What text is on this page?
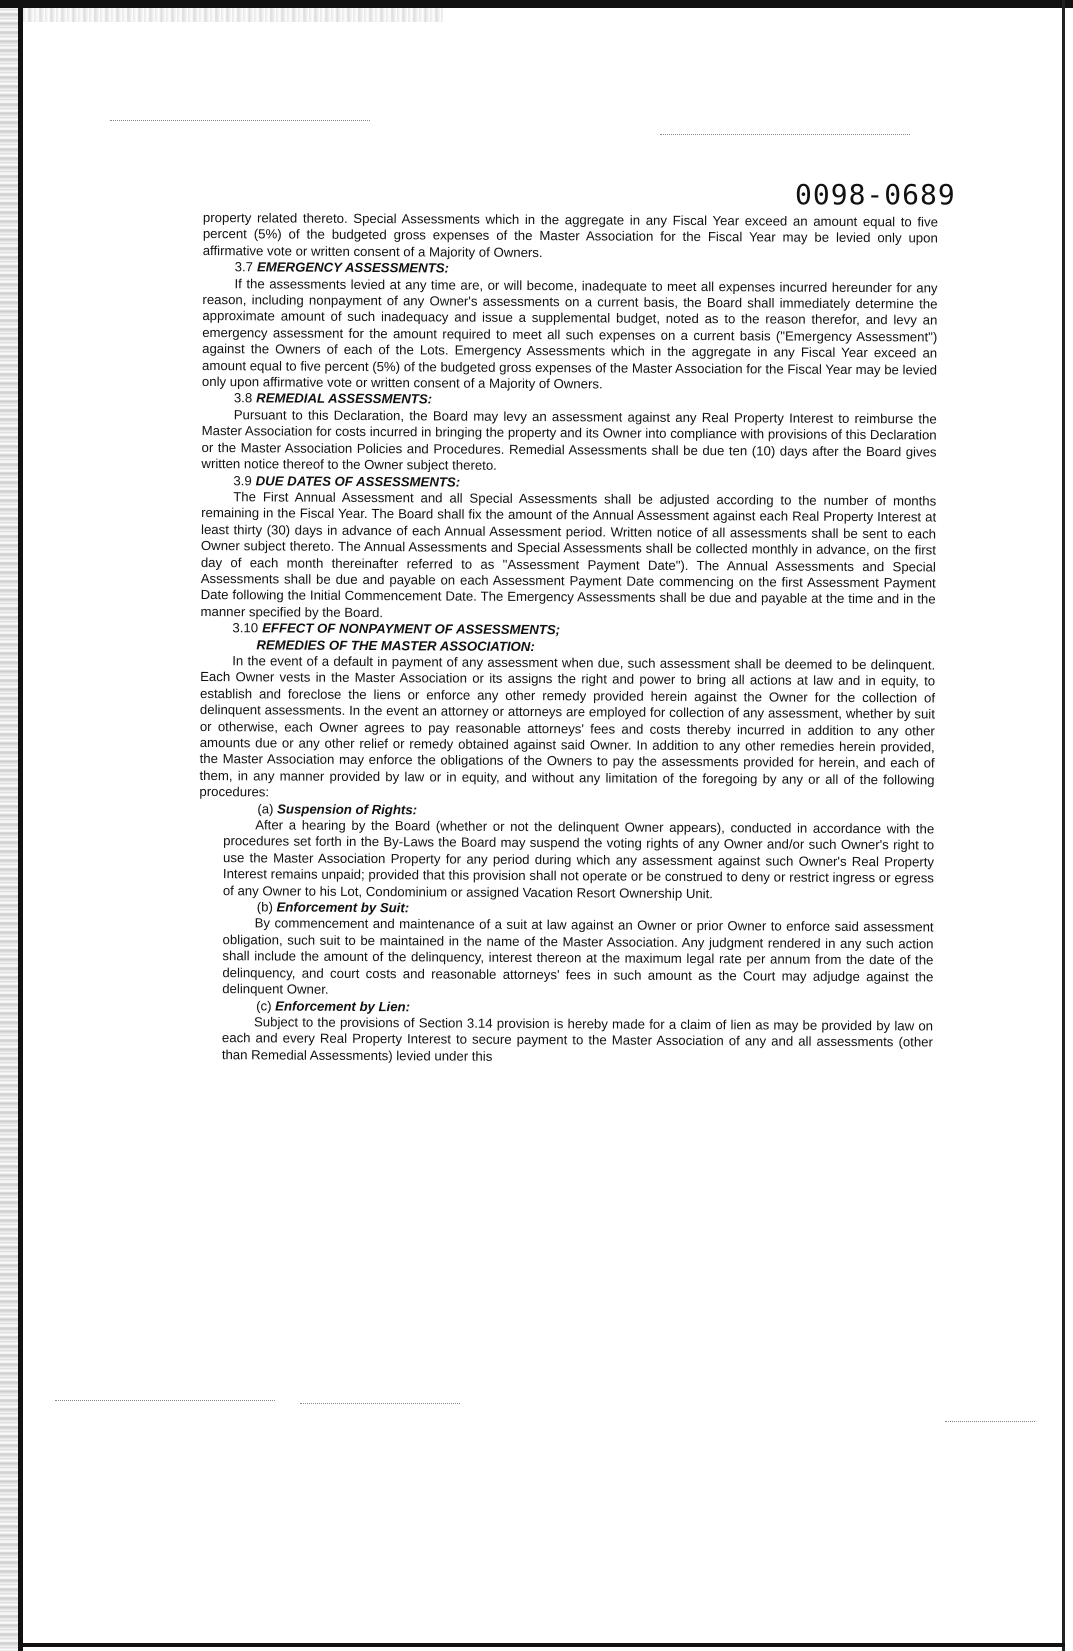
0098-0689

property related thereto. Special Assessments which in the aggregate in any Fiscal Year exceed an amount equal to five percent (5%) of the budgeted gross expenses of the Master Association for the Fiscal Year may be levied only upon affirmative vote or written consent of a Majority of Owners.

3.7 EMERGENCY ASSESSMENTS:

If the assessments levied at any time are, or will become, inadequate to meet all expenses incurred hereunder for any reason, including nonpayment of any Owner's assessments on a current basis, the Board shall immediately determine the approximate amount of such inadequacy and issue a supplemental budget, noted as to the reason therefor, and levy an emergency assessment for the amount required to meet all such expenses on a current basis ("Emergency Assessment") against the Owners of each of the Lots. Emergency Assessments which in the aggregate in any Fiscal Year exceed an amount equal to five percent (5%) of the budgeted gross expenses of the Master Association for the Fiscal Year may be levied only upon affirmative vote or written consent of a Majority of Owners.

3.8 REMEDIAL ASSESSMENTS:

Pursuant to this Declaration, the Board may levy an assessment against any Real Property Interest to reimburse the Master Association for costs incurred in bringing the property and its Owner into compliance with provisions of this Declaration or the Master Association Policies and Procedures. Remedial Assessments shall be due ten (10) days after the Board gives written notice thereof to the Owner subject thereto.

3.9 DUE DATES OF ASSESSMENTS:

The First Annual Assessment and all Special Assessments shall be adjusted according to the number of months remaining in the Fiscal Year. The Board shall fix the amount of the Annual Assessment against each Real Property Interest at least thirty (30) days in advance of each Annual Assessment period. Written notice of all assessments shall be sent to each Owner subject thereto. The Annual Assessments and Special Assessments shall be collected monthly in advance, on the first day of each month thereinafter referred to as "Assessment Payment Date"). The Annual Assessments and Special Assessments shall be due and payable on each Assessment Payment Date commencing on the first Assessment Payment Date following the Initial Commencement Date. The Emergency Assessments shall be due and payable at the time and in the manner specified by the Board.

3.10 EFFECT OF NONPAYMENT OF ASSESSMENTS;

REMEDIES OF THE MASTER ASSOCIATION:

In the event of a default in payment of any assessment when due, such assessment shall be deemed to be delinquent. Each Owner vests in the Master Association or its assigns the right and power to bring all actions at law and in equity, to establish and foreclose the liens or enforce any other remedy provided herein against the Owner for the collection of delinquent assessments. In the event an attorney or attorneys are employed for collection of any assessment, whether by suit or otherwise, each Owner agrees to pay reasonable attorneys' fees and costs thereby incurred in addition to any other amounts due or any other relief or remedy obtained against said Owner. In addition to any other remedies herein provided, the Master Association may enforce the obligations of the Owners to pay the assessments provided for herein, and each of them, in any manner provided by law or in equity, and without any limitation of the foregoing by any or all of the following procedures:

(a) Suspension of Rights:

After a hearing by the Board (whether or not the delinquent Owner appears), conducted in accordance with the procedures set forth in the By-Laws the Board may suspend the voting rights of any Owner and/or such Owner's right to use the Master Association Property for any period during which any assessment against such Owner's Real Property Interest remains unpaid; provided that this provision shall not operate or be construed to deny or restrict ingress or egress of any Owner to his Lot, Condominium or assigned Vacation Resort Ownership Unit.

(b) Enforcement by Suit:

By commencement and maintenance of a suit at law against an Owner or prior Owner to enforce said assessment obligation, such suit to be maintained in the name of the Master Association. Any judgment rendered in any such action shall include the amount of the delinquency, interest thereon at the maximum legal rate per annum from the date of the delinquency, and court costs and reasonable attorneys' fees in such amount as the Court may adjudge against the delinquent Owner.

(c) Enforcement by Lien:

Subject to the provisions of Section 3.14 provision is hereby made for a claim of lien as may be provided by law on each and every Real Property Interest to secure payment to the Master Association of any and all assessments (other than Remedial Assessments) levied under this
